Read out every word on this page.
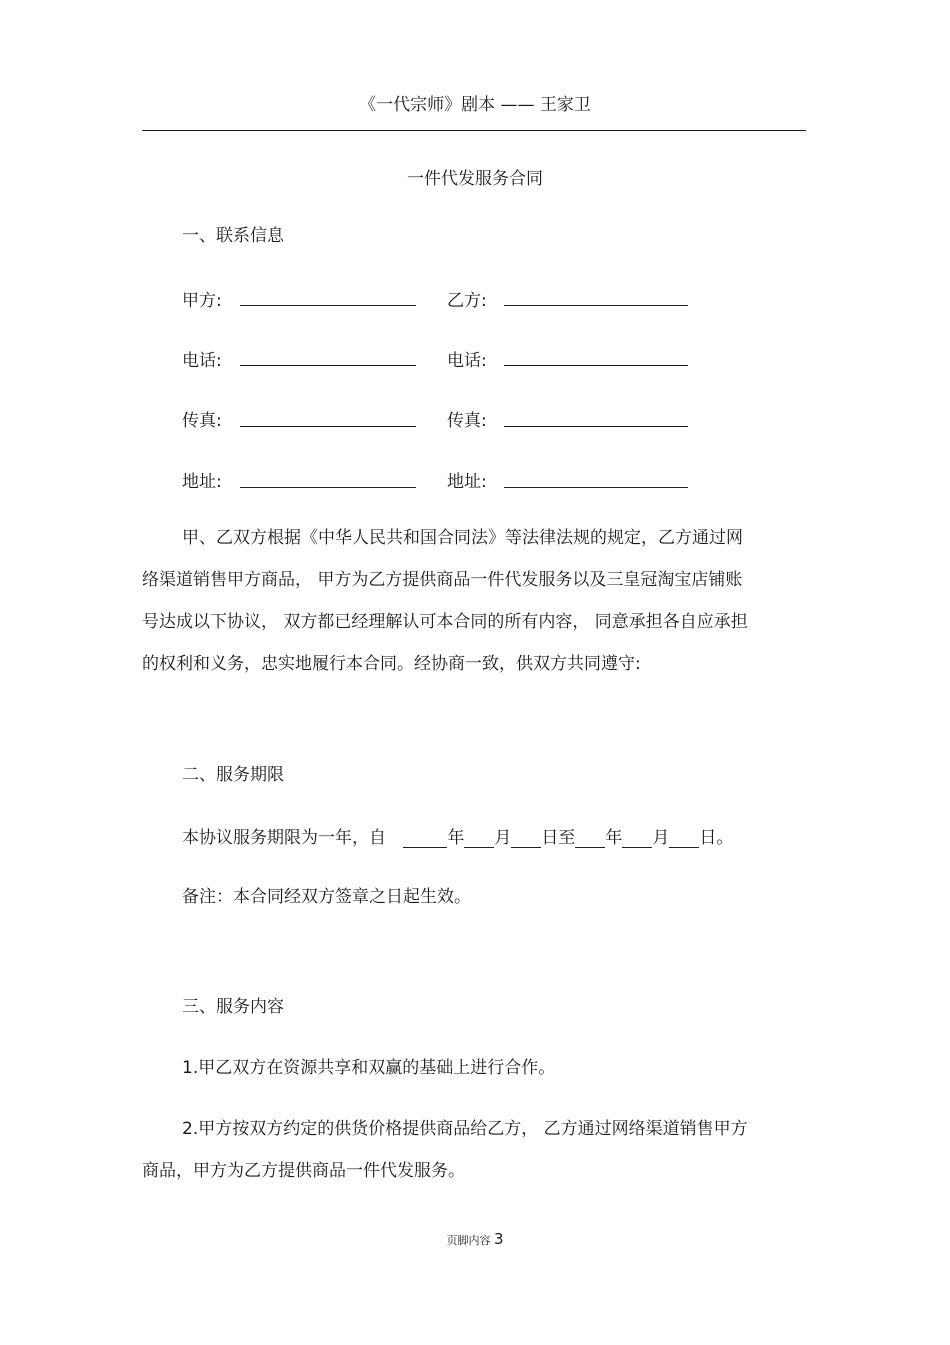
《一代宗师》剧本 —— 王家卫
一件代发服务合同
一、联系信息
甲方:	乙方:
电话:	电话:
传真:	传真:
地址:	地址:
甲、乙双方根据《中华人民共和国合同法》等法律法规的规定，乙方通过网
络渠道销售甲方商品， 甲方为乙方提供商品一件代发服务以及三皇冠淘宝店铺账
号达成以下协议， 双方都已经理解认可本合同的所有内容， 同意承担各自应承担
的权利和义务，忠实地履行本合同。经协商一致，供双方共同遵守:
二、服务期限
本协议服务期限为一年，自	年 月 日至 年 月 日。
备注：本合同经双方签章之日起生效。
三、服务内容
1.甲乙双方在资源共享和双赢的基础上进行合作。
2.甲方按双方约定的供货价格提供商品给乙方， 乙方通过网络渠道销售甲方
商品，甲方为乙方提供商品一件代发服务。
页脚内容 3
